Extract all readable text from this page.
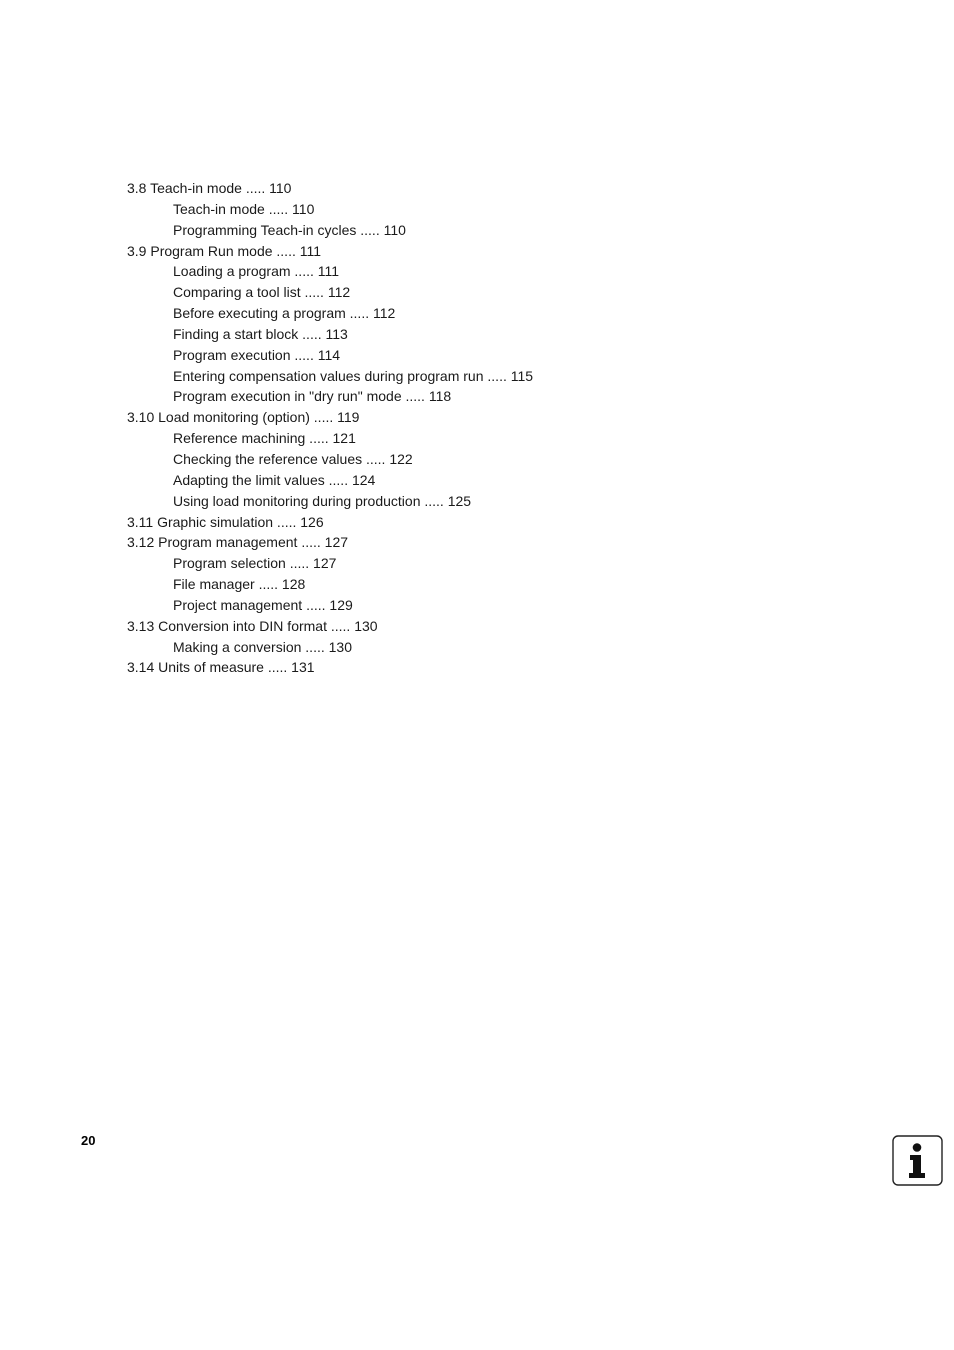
3.8 Teach-in mode ..... 110
Teach-in mode ..... 110
Programming Teach-in cycles ..... 110
3.9 Program Run mode ..... 111
Loading a program ..... 111
Comparing a tool list ..... 112
Before executing a program ..... 112
Finding a start block ..... 113
Program execution ..... 114
Entering compensation values during program run ..... 115
Program execution in "dry run" mode ..... 118
3.10 Load monitoring (option) ..... 119
Reference machining ..... 121
Checking the reference values ..... 122
Adapting the limit values ..... 124
Using load monitoring during production ..... 125
3.11 Graphic simulation ..... 126
3.12 Program management ..... 127
Program selection ..... 127
File manager ..... 128
Project management ..... 129
3.13 Conversion into DIN format ..... 130
Making a conversion ..... 130
3.14 Units of measure ..... 131
20
